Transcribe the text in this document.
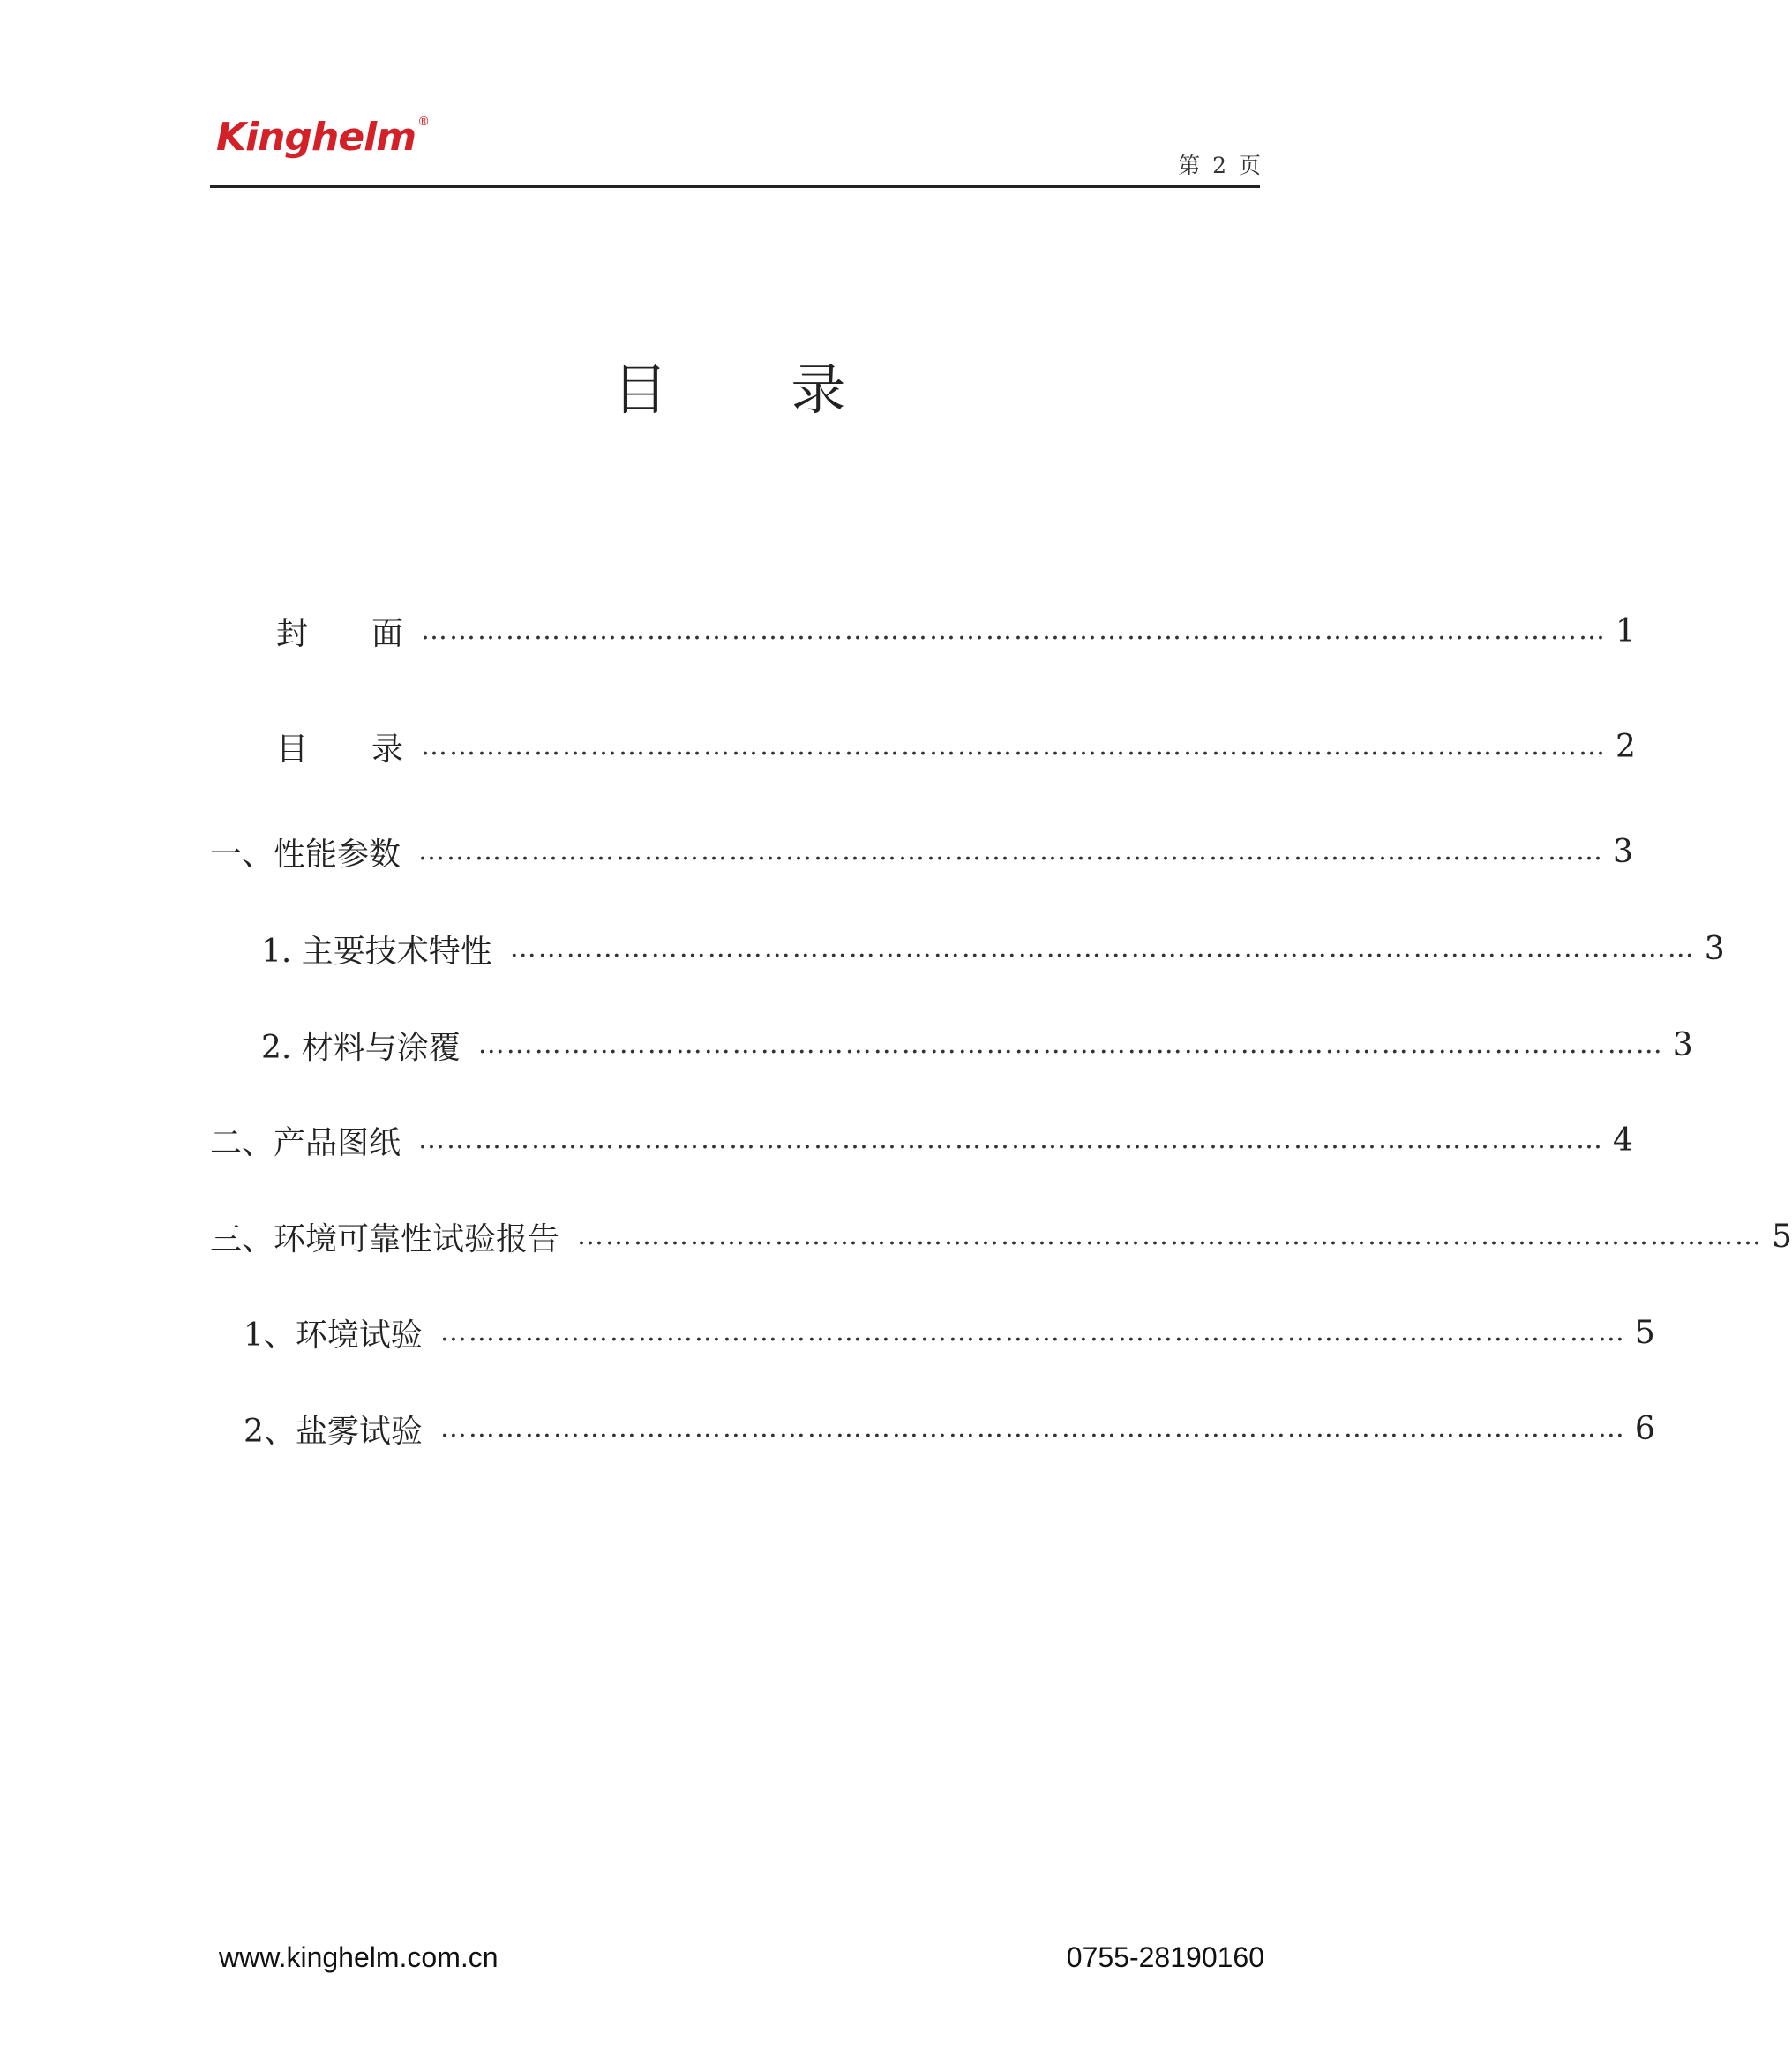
Kinghelm ®
第 2 页
目 录
封　　面 ……………………………………………………………………………………………………………… 1
目　　录 ……………………………………………………………………………………………………………… 2
一、性能参数 ……………………………………………………………………………………………………………… 3
1. 主要技术特性 ……………………………………………………………………………………………………………… 3
2. 材料与涂覆 ……………………………………………………………………………………………………………… 3
二、产品图纸 ……………………………………………………………………………………………………………… 4
三、环境可靠性试验报告 ……………………………………………………………………………………………………………… 5
1、环境试验 ……………………………………………………………………………………………………………… 5
2、盐雾试验 ……………………………………………………………………………………………………………… 6
www.kinghelm.com.cn	0755-28190160
